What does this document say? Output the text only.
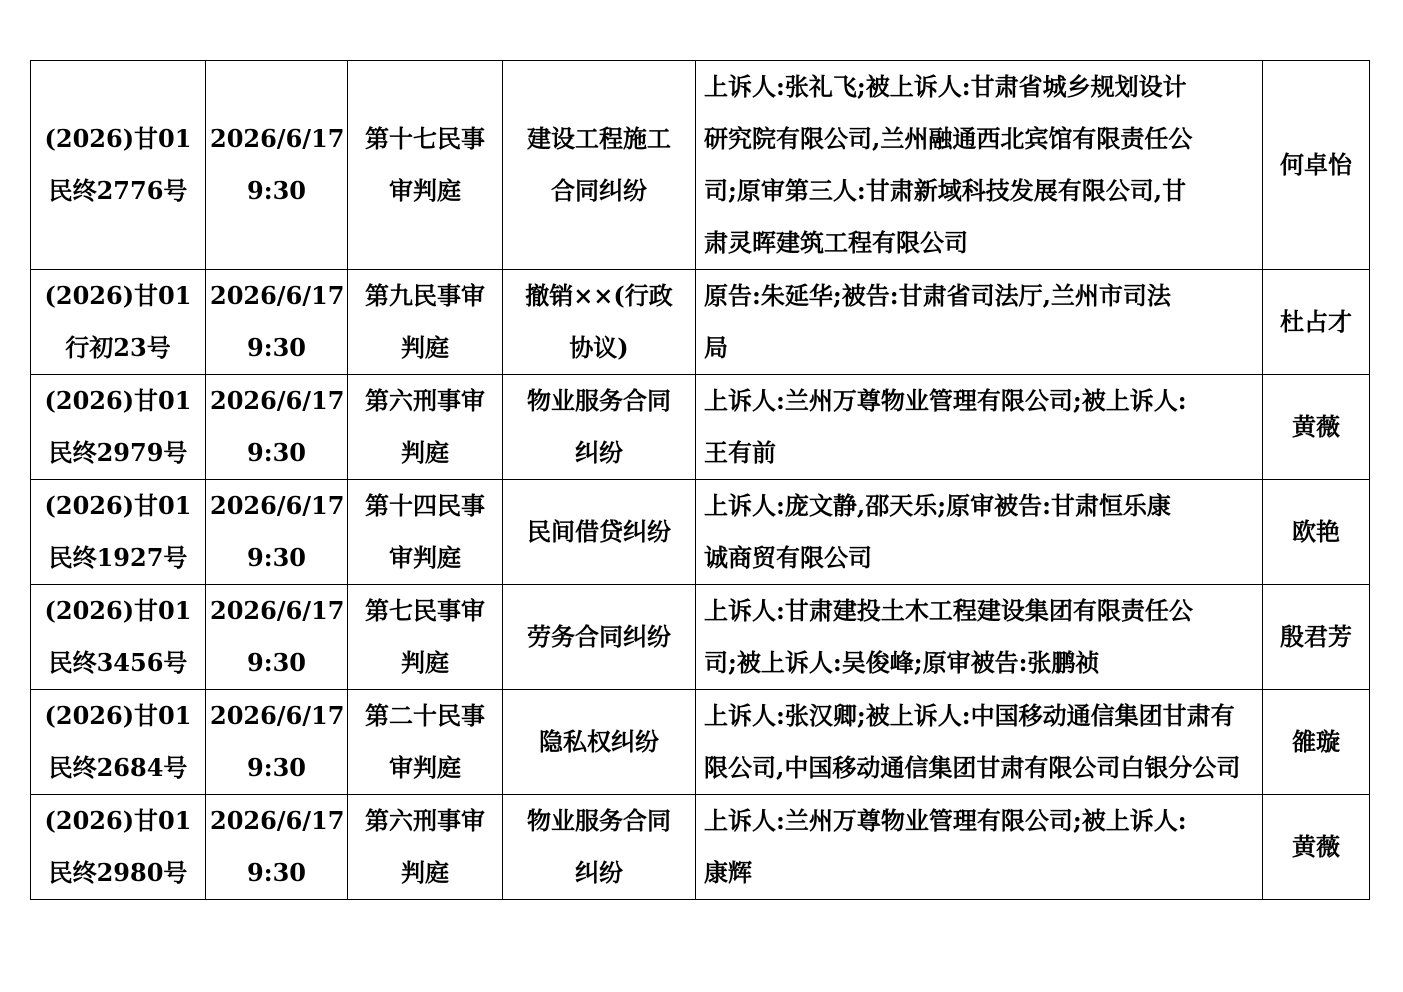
(2026)甘01
民终2776号	2026/6/17
9:30	第十七民事
审判庭	建设工程施工
合同纠纷	上诉人:张礼飞;被上诉人:甘肃省城乡规划设计
研究院有限公司,兰州融通西北宾馆有限责任公
司;原审第三人:甘肃新域科技发展有限公司,甘
肃灵晖建筑工程有限公司	何卓怡

(2026)甘01
行初23号	2026/6/17
9:30	第九民事审
判庭	撤销××(行政
协议)	原告:朱延华;被告:甘肃省司法厅,兰州市司法
局	杜占才

(2026)甘01
民终2979号	2026/6/17
9:30	第六刑事审
判庭	物业服务合同
纠纷	上诉人:兰州万尊物业管理有限公司;被上诉人:
王有前	黄薇

(2026)甘01
民终1927号	2026/6/17
9:30	第十四民事
审判庭	民间借贷纠纷	上诉人:庞文静,邵天乐;原审被告:甘肃恒乐康
诚商贸有限公司	欧艳

(2026)甘01
民终3456号	2026/6/17
9:30	第七民事审
判庭	劳务合同纠纷	上诉人:甘肃建投土木工程建设集团有限责任公
司;被上诉人:吴俊峰;原审被告:张鹏祯	殷君芳

(2026)甘01
民终2684号	2026/6/17
9:30	第二十民事
审判庭	隐私权纠纷	上诉人:张汉卿;被上诉人:中国移动通信集团甘肃有
限公司,中国移动通信集团甘肃有限公司白银分公司	雒璇

(2026)甘01
民终2980号	2026/6/17
9:30	第六刑事审
判庭	物业服务合同
纠纷	上诉人:兰州万尊物业管理有限公司;被上诉人:
康辉	黄薇
